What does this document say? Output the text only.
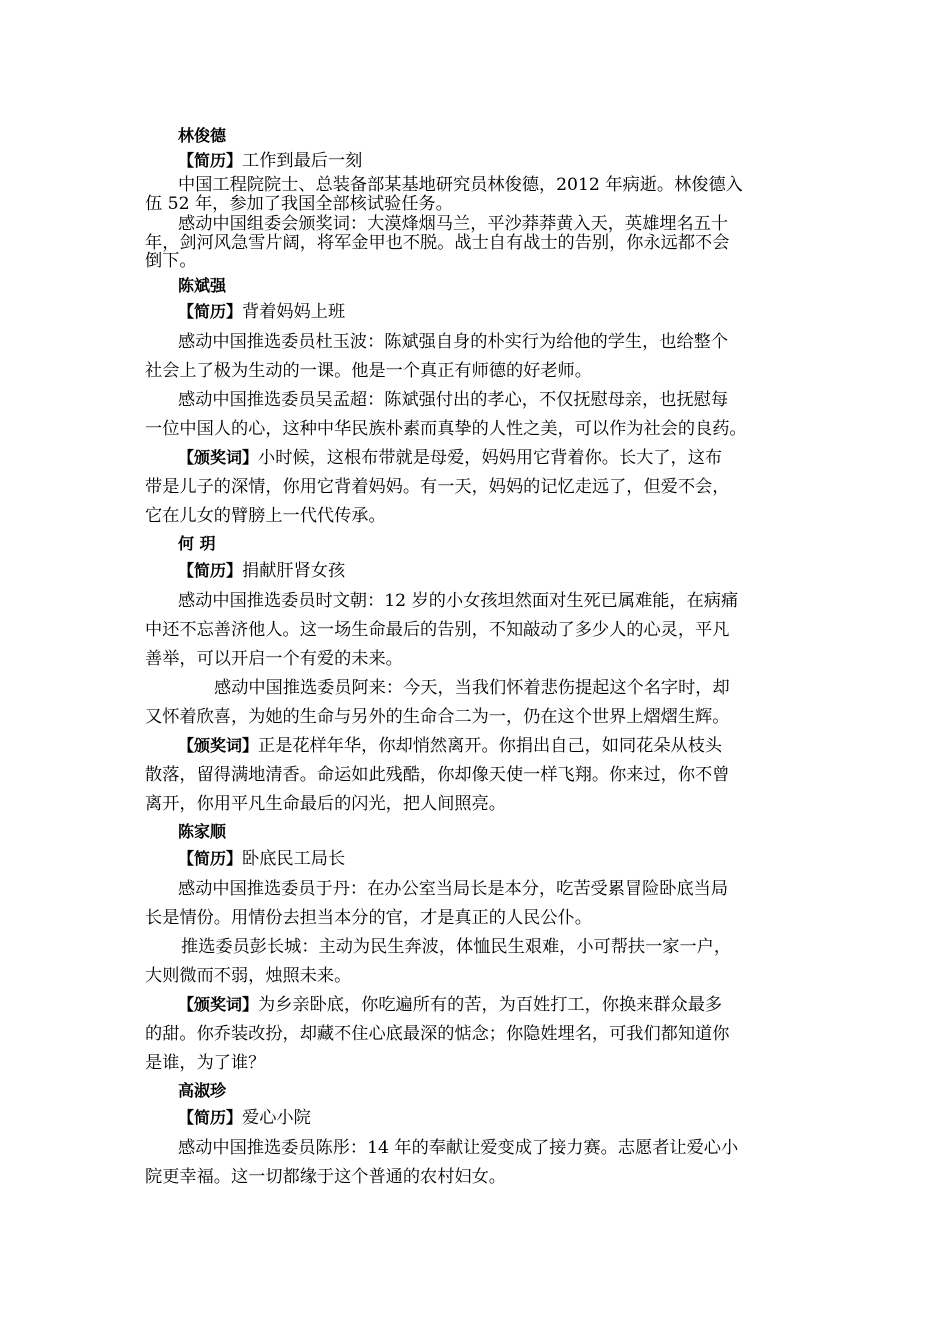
林俊德
【简历】工作到最后一刻
中国工程院院士、总装备部某基地研究员林俊德，2012 年病逝。林俊德入
伍 52 年，参加了我国全部核试验任务。
感动中国组委会颁奖词：大漠烽烟马兰，平沙莽莽黄入天，英雄埋名五十
年，剑河风急雪片阔，将军金甲也不脱。战士自有战士的告别，你永远都不会
倒下。
陈斌强
【简历】背着妈妈上班
感动中国推选委员杜玉波：陈斌强自身的朴实行为给他的学生，也给整个
社会上了极为生动的一课。他是一个真正有师德的好老师。
感动中国推选委员吴孟超：陈斌强付出的孝心，不仅抚慰母亲，也抚慰每
一位中国人的心，这种中华民族朴素而真挚的人性之美，可以作为社会的良药。
【颁奖词】小时候，这根布带就是母爱，妈妈用它背着你。长大了，这布
带是儿子的深情，你用它背着妈妈。有一天，妈妈的记忆走远了，但爱不会，
它在儿女的臂膀上一代代传承。
何 玥
【简历】捐献肝肾女孩
感动中国推选委员时文朝：12 岁的小女孩坦然面对生死已属难能，在病痛
中还不忘善济他人。这一场生命最后的告别，不知敲动了多少人的心灵，平凡
善举，可以开启一个有爱的未来。
感动中国推选委员阿来：今天，当我们怀着悲伤提起这个名字时，却
又怀着欣喜，为她的生命与另外的生命合二为一，仍在这个世界上熠熠生辉。
【颁奖词】正是花样年华，你却悄然离开。你捐出自己，如同花朵从枝头
散落，留得满地清香。命运如此残酷，你却像天使一样飞翔。你来过，你不曾
离开，你用平凡生命最后的闪光，把人间照亮。
陈家顺
【简历】卧底民工局长
感动中国推选委员于丹：在办公室当局长是本分，吃苦受累冒险卧底当局
长是情份。用情份去担当本分的官，才是真正的人民公仆。
推选委员彭长城：主动为民生奔波，体恤民生艰难，小可帮扶一家一户，
大则微而不弱，烛照未来。
【颁奖词】为乡亲卧底，你吃遍所有的苦，为百姓打工，你换来群众最多
的甜。你乔装改扮，却藏不住心底最深的惦念；你隐姓埋名，可我们都知道你
是谁，为了谁？
高淑珍
【简历】爱心小院
感动中国推选委员陈彤：14 年的奉献让爱变成了接力赛。志愿者让爱心小
院更幸福。这一切都缘于这个普通的农村妇女。
